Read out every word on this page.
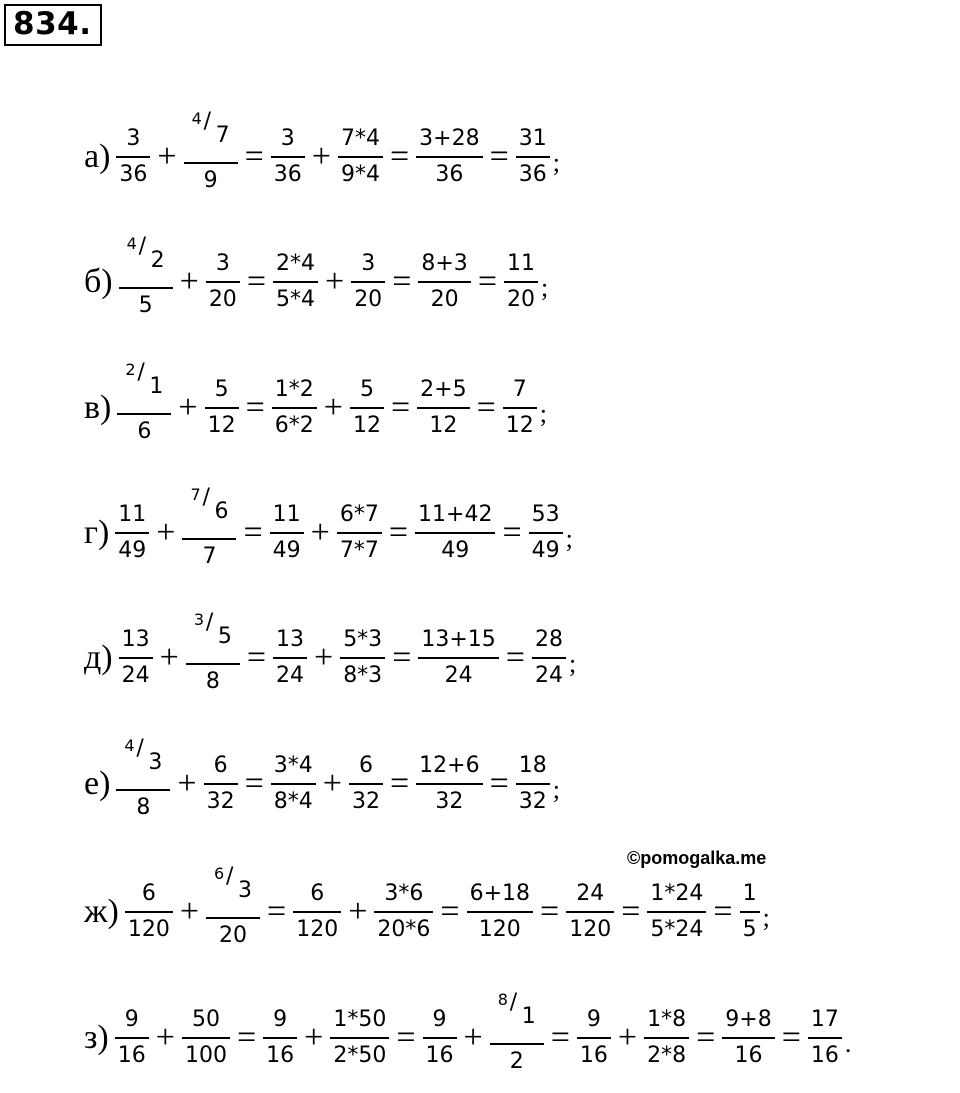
834.
©pomogalka.me
$а) \frac{3}{36} + 4$ /
7
$9 = \frac{3}{36} + \frac{7*4}{9*4} = \frac{3+28}{36} = \frac{31}{36}$ ;
б) 4 /
2
$5 + \frac{3}{20} = \frac{2*4}{5*4} + \frac{3}{20} = \frac{8+3}{20} = \frac{11}{20}$ ;
в) 2 /
1
$6 + \frac{5}{12} = \frac{1*2}{6*2} + \frac{5}{12} = \frac{2+5}{12} = \frac{7}{12}$ ;
$г) \frac{11}{49} + 7$ /
6
$7 = \frac{11}{49} + \frac{6*7}{7*7} = \frac{11+42}{49} = \frac{53}{49}$ ;
$д) \frac{13}{24} + 3$ /
5
$8 = \frac{13}{24} + \frac{5*3}{8*3} = \frac{13+15}{24} = \frac{28}{24}$ ;
е) 4 /
3
$8 + \frac{6}{32} = \frac{3*4}{8*4} + \frac{6}{32} = \frac{12+6}{32} = \frac{18}{32}$ ;
$ж) \frac{6}{120} + 6$ /
3
$20 = \frac{6}{120} + \frac{3*6}{20*6} = \frac{6+18}{120} = \frac{24}{120} = \frac{1*24}{5*24} = \frac{1}{5}$ ;
$з) \frac{9}{16} + \frac{50}{100} = \frac{9}{16} + \frac{1*50}{2*50} = \frac{9}{16} + 8$ /
1
$2 = \frac{9}{16} + \frac{1*8}{2*8} = \frac{9+8}{16} = \frac{17}{16}$ .
